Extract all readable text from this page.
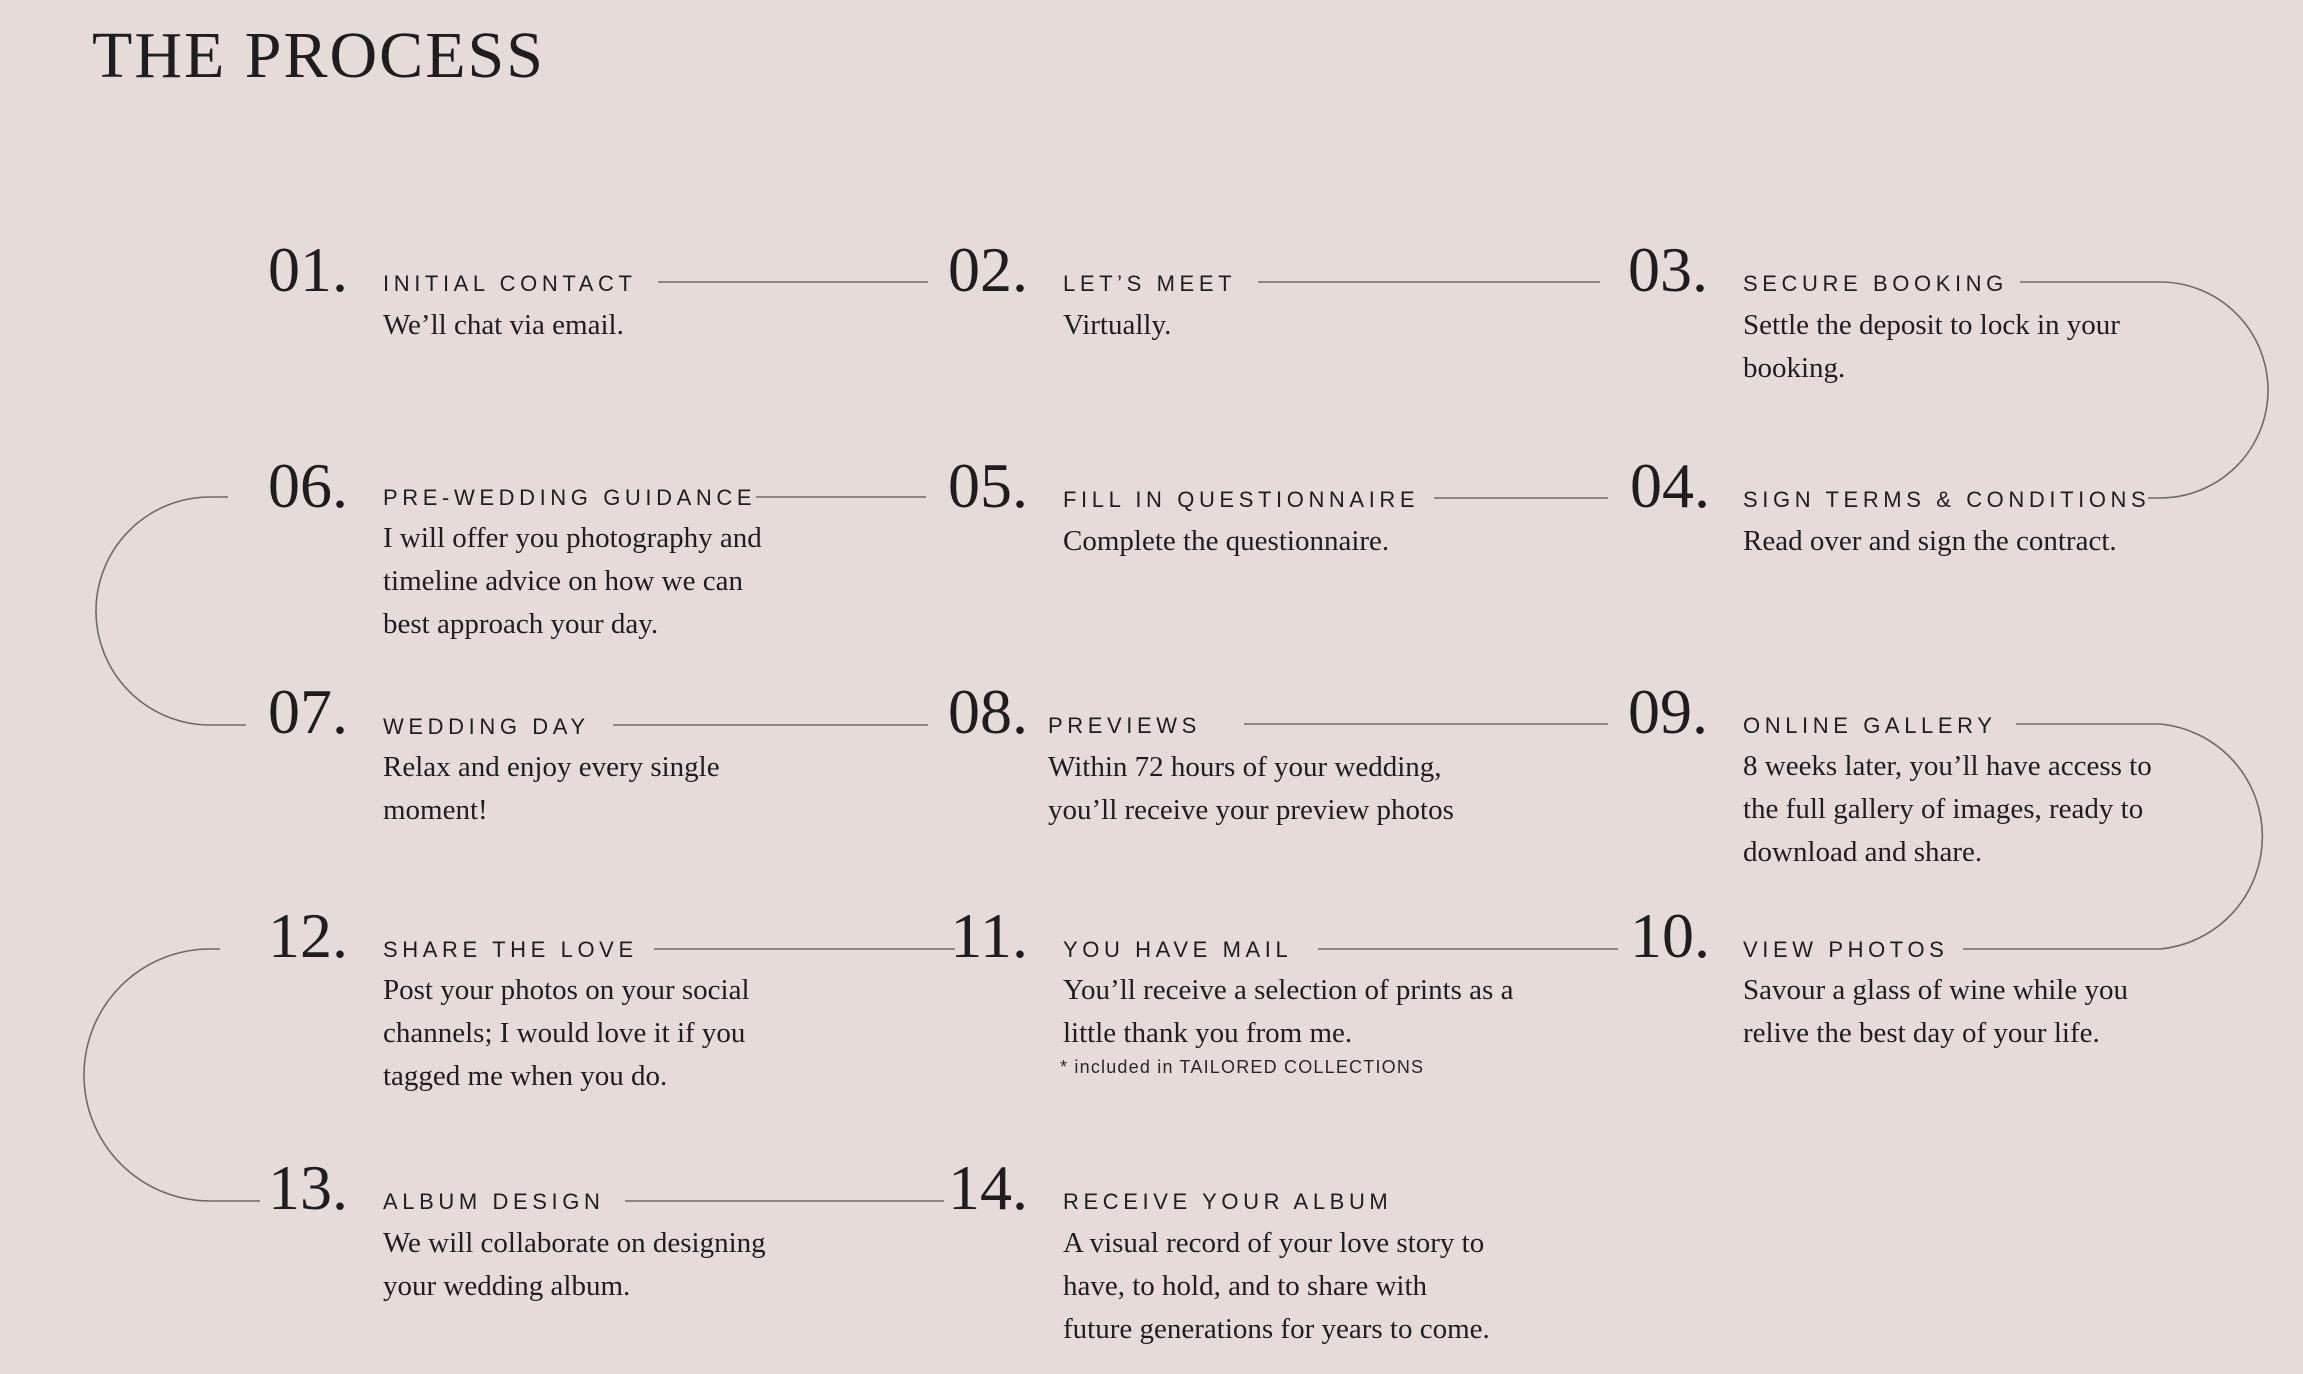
THE PROCESS
01. INITIAL CONTACT
We’ll chat via email.
02. LET’S MEET
Virtually.
03. SECURE BOOKING
Settle the deposit to lock in your booking.
04. SIGN TERMS & CONDITIONS
Read over and sign the contract.
05. FILL IN QUESTIONNAIRE
Complete the questionnaire.
06. PRE-WEDDING GUIDANCE
I will offer you photography and timeline advice on how we can best approach your day.
07. WEDDING DAY
Relax and enjoy every single moment!
08. PREVIEWS
Within 72 hours of your wedding, you’ll receive your preview photos
09. ONLINE GALLERY
8 weeks later, you’ll have access to the full gallery of images, ready to download and share.
10. VIEW PHOTOS
Savour a glass of wine while you relive the best day of your life.
11. YOU HAVE MAIL
You’ll receive a selection of prints as a little thank you from me.
* included in TAILORED COLLECTIONS
12. SHARE THE LOVE
Post your photos on your social channels; I would love it if you tagged me when you do.
13. ALBUM DESIGN
We will collaborate on designing your wedding album.
14. RECEIVE YOUR ALBUM
A visual record of your love story to have, to hold, and to share with future generations for years to come.
